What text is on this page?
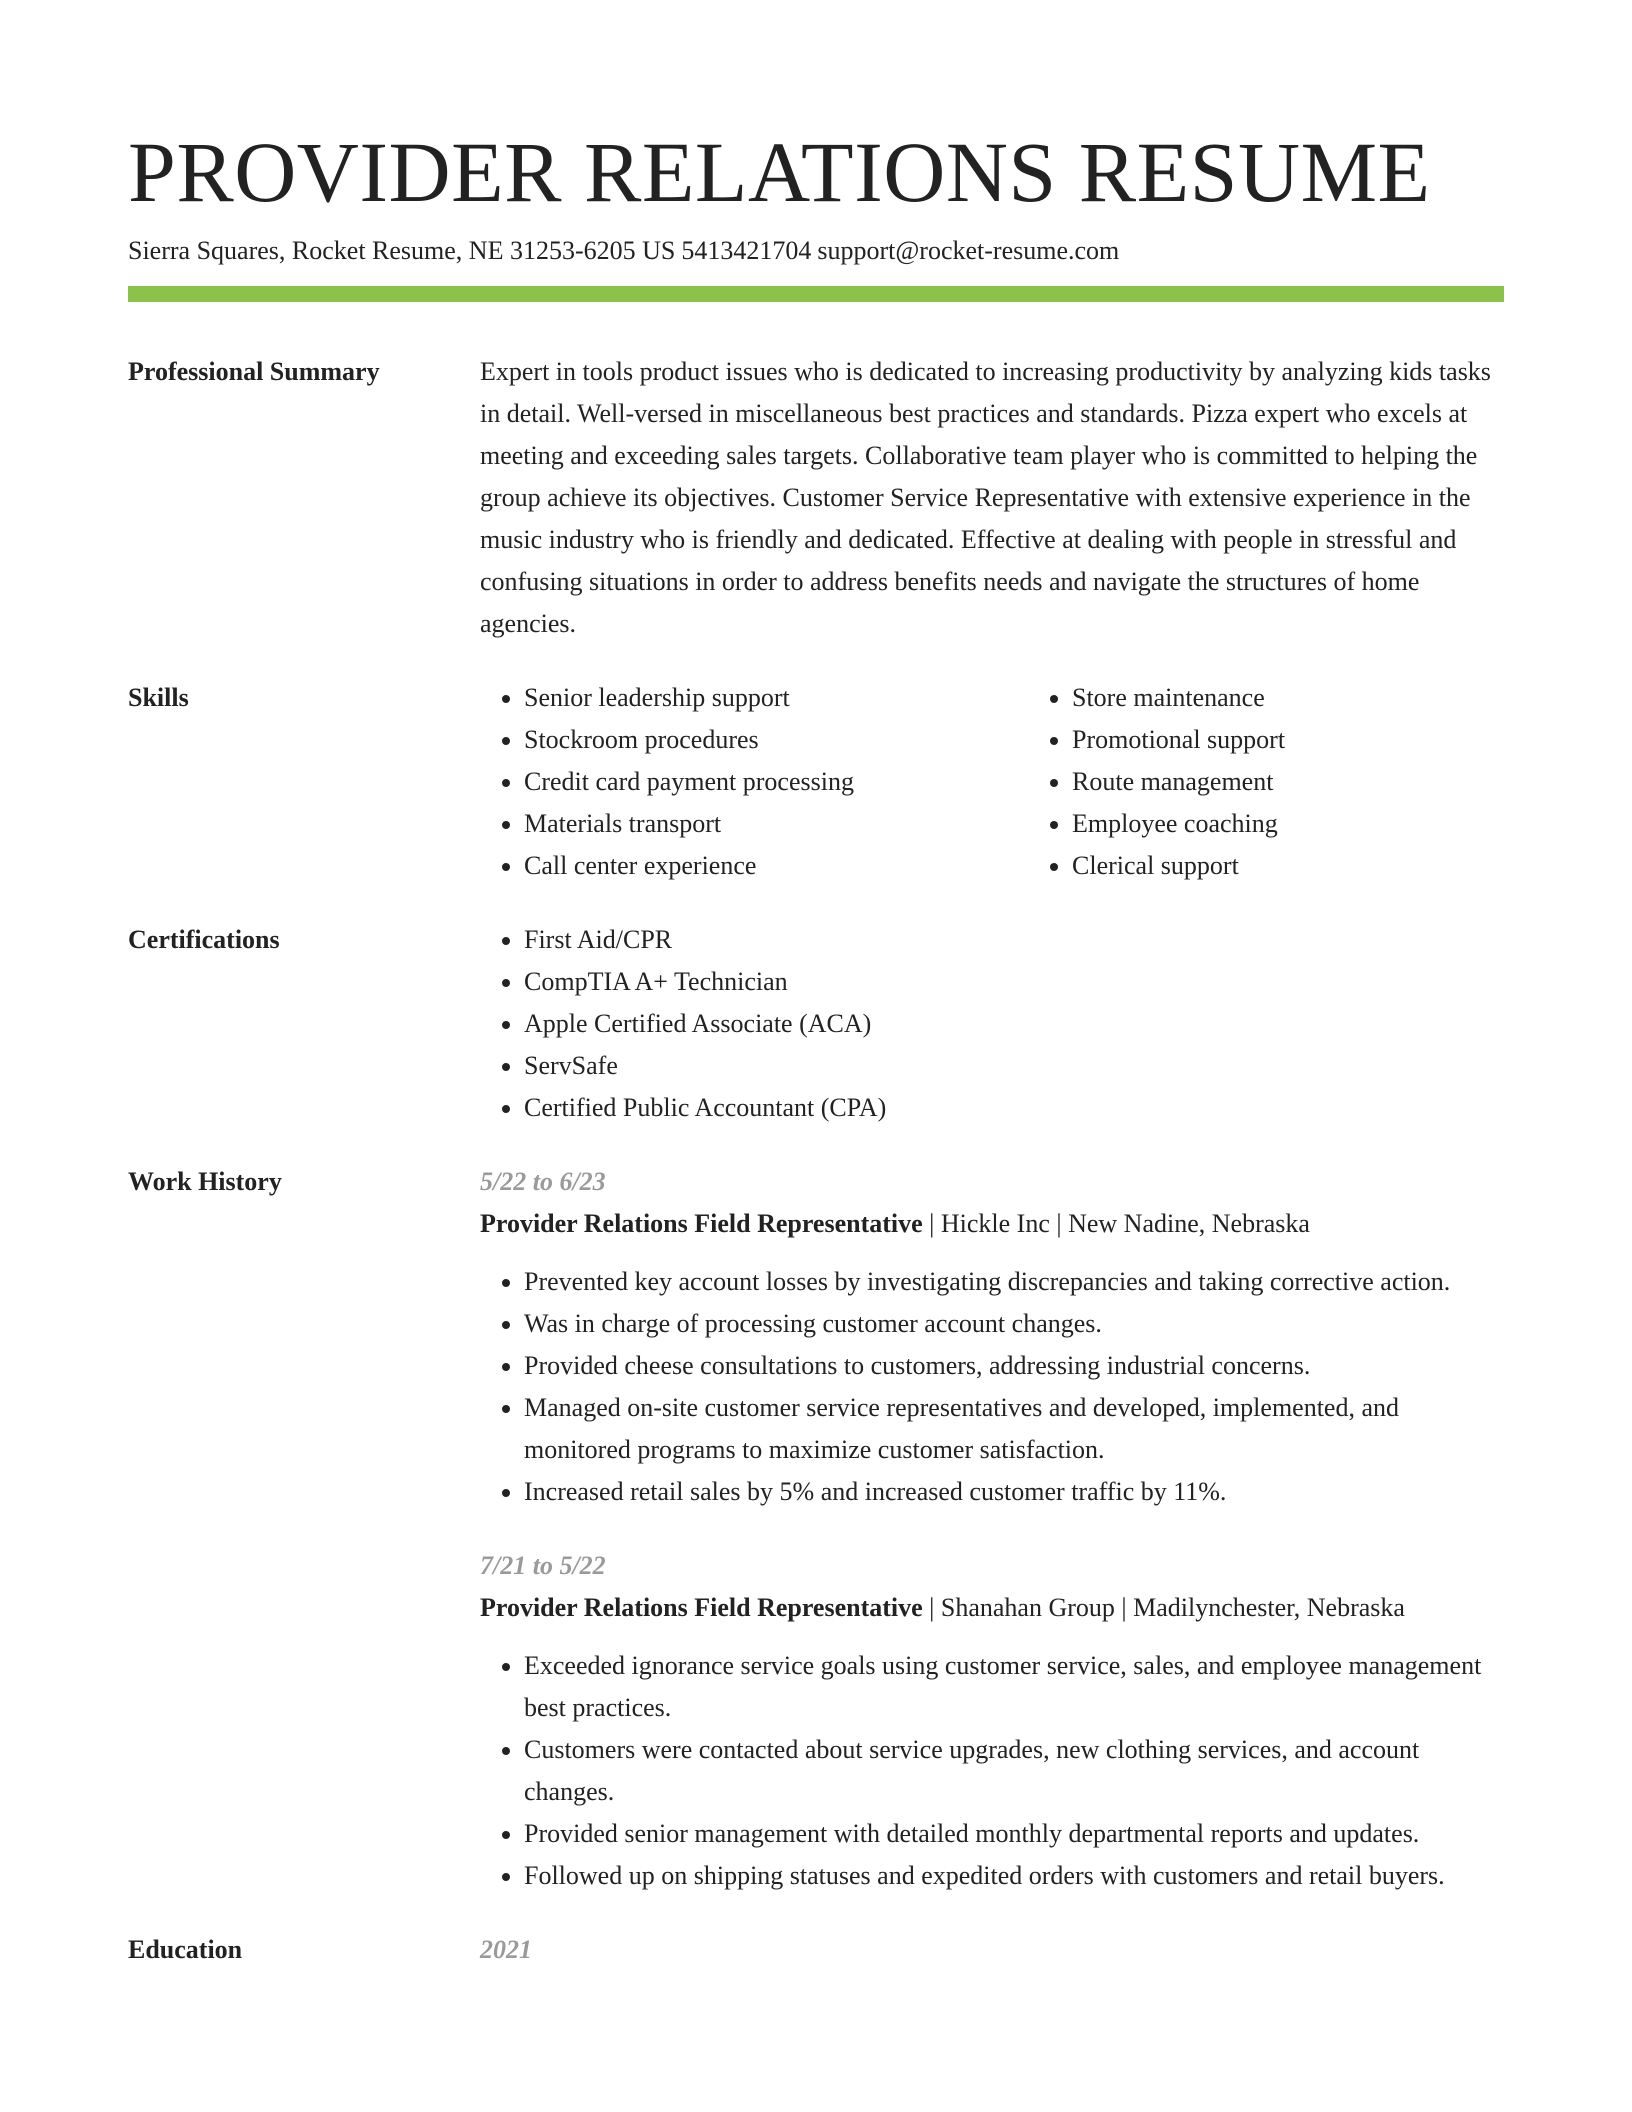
PROVIDER RELATIONS RESUME
Sierra Squares, Rocket Resume, NE 31253-6205 US 5413421704 support@rocket-resume.com
Professional Summary	Expert in tools product issues who is dedicated to increasing productivity by analyzing kids tasks in detail. Well-versed in miscellaneous best practices and standards. Pizza expert who excels at meeting and exceeding sales targets. Collaborative team player who is committed to helping the group achieve its objectives. Customer Service Representative with extensive experience in the music industry who is friendly and dedicated. Effective at dealing with people in stressful and confusing situations in order to address benefits needs and navigate the structures of home agencies.

Skills	• Senior leadership support
• Stockroom procedures
• Credit card payment processing
• Materials transport
• Call center experience
• Store maintenance
• Promotional support
• Route management
• Employee coaching
• Clerical support
Certifications	• First Aid/CPR
• CompTIA A+ Technician
• Apple Certified Associate (ACA)
• ServSafe
• Certified Public Accountant (CPA)
Work History	5/22 to 6/23
Provider Relations Field Representative | Hickle Inc | New Nadine, Nebraska
• Prevented key account losses by investigating discrepancies and taking corrective action.
• Was in charge of processing customer account changes.
• Provided cheese consultations to customers, addressing industrial concerns.
• Managed on-site customer service representatives and developed, implemented, and monitored programs to maximize customer satisfaction.
• Increased retail sales by 5% and increased customer traffic by 11%.
7/21 to 5/22
Provider Relations Field Representative | Shanahan Group | Madilynchester, Nebraska
• Exceeded ignorance service goals using customer service, sales, and employee management best practices.
• Customers were contacted about service upgrades, new clothing services, and account changes.
• Provided senior management with detailed monthly departmental reports and updates.
• Followed up on shipping statuses and expedited orders with customers and retail buyers.
Education	2021
